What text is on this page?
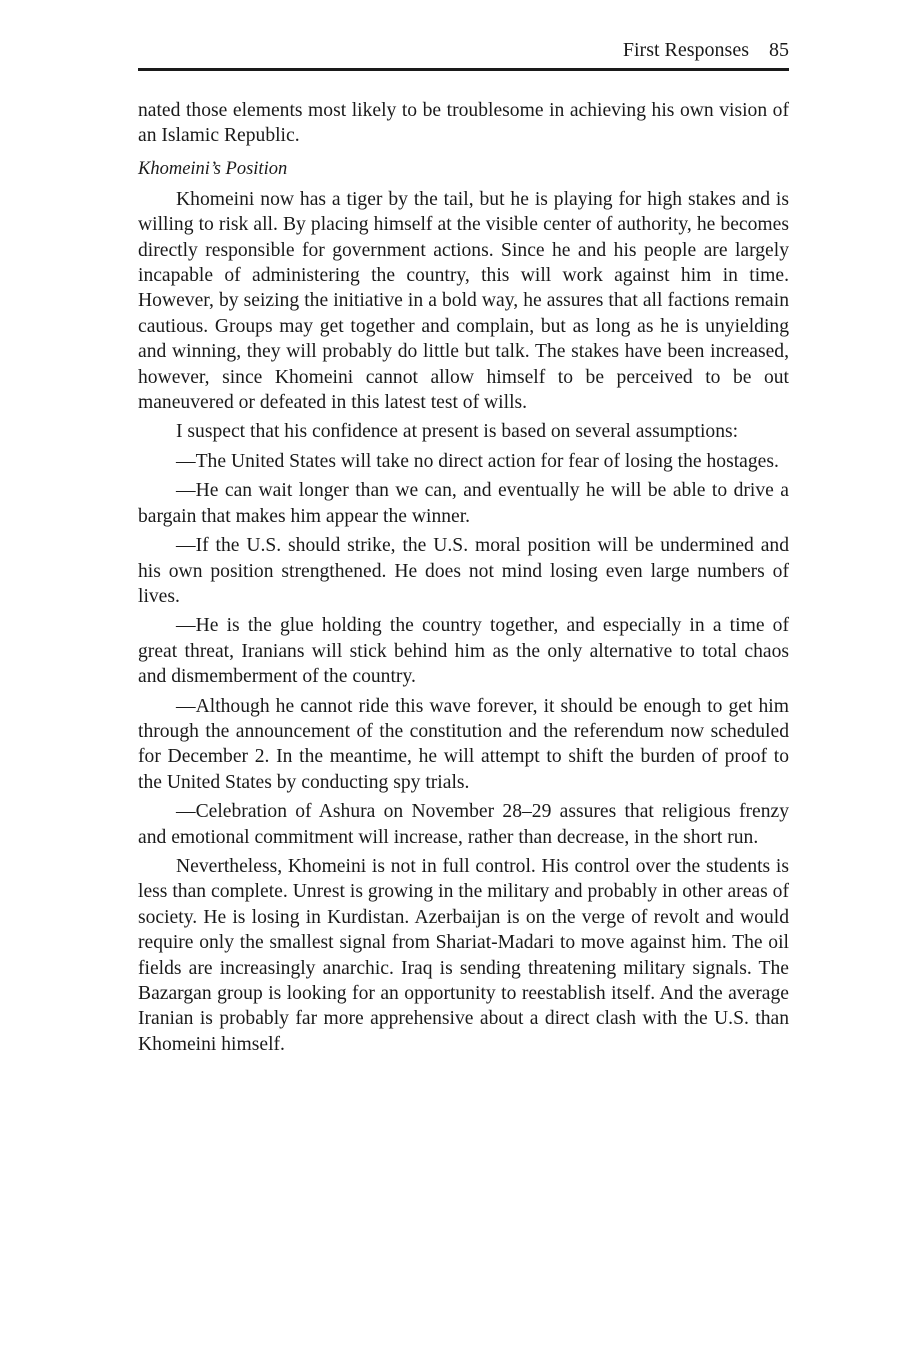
First Responses 85

nated those elements most likely to be troublesome in achieving his own vision of an Islamic Republic.

Khomeini’s Position

Khomeini now has a tiger by the tail, but he is playing for high stakes and is willing to risk all. By placing himself at the visible center of authority, he becomes directly responsible for government actions. Since he and his people are largely incapable of administering the country, this will work against him in time. However, by seizing the initiative in a bold way, he assures that all factions remain cautious. Groups may get together and complain, but as long as he is unyielding and winning, they will probably do little but talk. The stakes have been increased, however, since Khomeini cannot allow himself to be perceived to be out maneuvered or defeated in this latest test of wills.

I suspect that his confidence at present is based on several assumptions:

—The United States will take no direct action for fear of losing the hostages.

—He can wait longer than we can, and eventually he will be able to drive a bargain that makes him appear the winner.

—If the U.S. should strike, the U.S. moral position will be undermined and his own position strengthened. He does not mind losing even large numbers of lives.

—He is the glue holding the country together, and especially in a time of great threat, Iranians will stick behind him as the only alternative to total chaos and dismemberment of the country.

—Although he cannot ride this wave forever, it should be enough to get him through the announcement of the constitution and the referendum now scheduled for December 2. In the meantime, he will attempt to shift the burden of proof to the United States by conducting spy trials.

—Celebration of Ashura on November 28–29 assures that religious frenzy and emotional commitment will increase, rather than decrease, in the short run.

Nevertheless, Khomeini is not in full control. His control over the students is less than complete. Unrest is growing in the military and probably in other areas of society. He is losing in Kurdistan. Azerbaijan is on the verge of revolt and would require only the smallest signal from Shariat-Madari to move against him. The oil fields are increasingly anarchic. Iraq is sending threatening military signals. The Bazargan group is looking for an opportunity to reestablish itself. And the average Iranian is probably far more apprehensive about a direct clash with the U.S. than Khomeini himself.
